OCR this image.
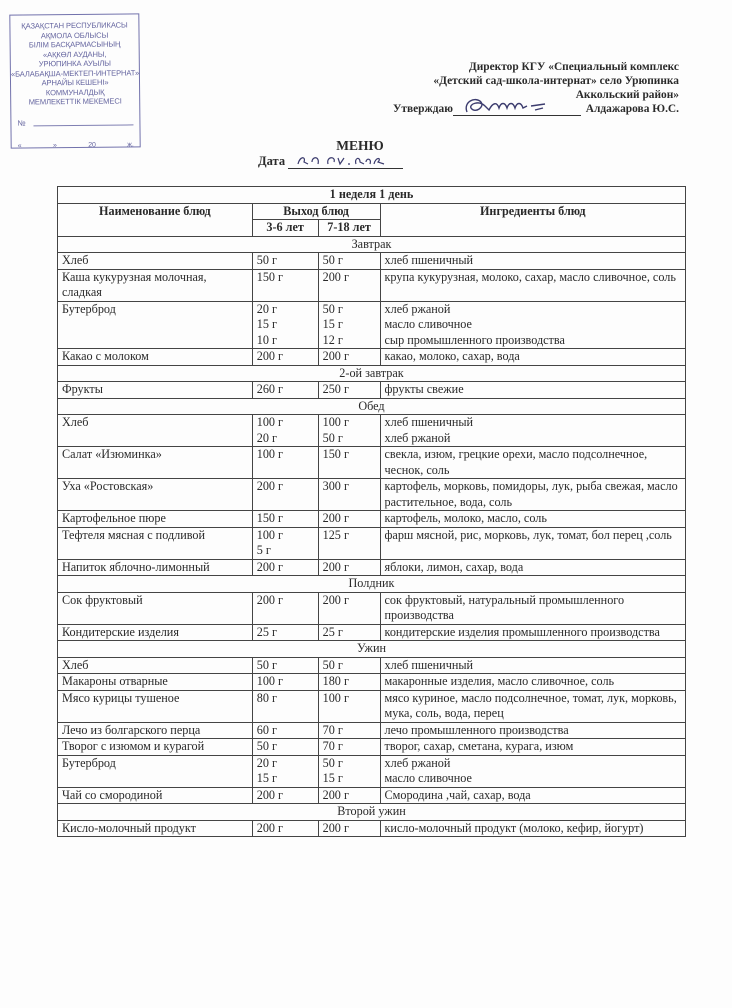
ҚАЗАҚСТАН РЕСПУБЛИКАСЫ
АҚМОЛА ОБЛЫСЫ
БІЛІМ БАСҚАРМАСЫНЫҢ
«АҚКӨЛ АУДАНЫ,
УРЮПИНКА АУЫЛЫ
«БАЛАБАҚША-МЕКТЕП-ИНТЕРНАТ»
АРНАЙЫ КЕШЕНІ»
КОММУНАЛДЫҚ
МЕМЛЕКЕТТІК МЕКЕМЕСІ
№
«	»	20	ж.
Директор КГУ «Специальный комплекс
«Детский сад-школа-интернат» село Урюпинка
Аккольский район»
Утверждаю	Алдажарова Ю.С.
МЕНЮ
Дата
1 неделя 1 день			
Наименование блюд	Выход блюд		Ингредиенты блюд
	3-6 лет	7-18 лет	
Завтрак			
Хлеб	50 г	50 г	хлеб пшеничный

Каша кукурузная молочная, сладкая	150 г	200 г	крупа кукурузная, молоко, сахар, масло сливочное, соль

Бутерброд	20 г
15 г
10 г	50 г
15 г
12 г	хлеб ржаной
масло сливочное
сыр промышленного производства

Какао с молоком	200 г	200 г	какао, молоко, сахар, вода

2-ой завтрак			
Фрукты	260 г	250 г	фрукты свежие

Обед			
Хлеб	100 г
20 г	100 г
50 г	хлеб пшеничный
хлеб ржаной

Салат «Изюминка»	100 г	150 г	свекла, изюм, грецкие орехи, масло подсолнечное, чеснок, соль

Уха «Ростовская»	200 г	300 г	картофель, морковь, помидоры, лук, рыба свежая, масло растительное, вода, соль

Картофельное пюре	150 г	200 г	картофель, молоко, масло, соль

Тефтеля мясная с подливой	100 г
5 г	125 г	фарш мясной, рис, морковь, лук, томат, бол перец ,соль

Напиток яблочно-лимонный	200 г	200 г	яблоки, лимон, сахар, вода

Полдник			
Сок фруктовый	200 г	200 г	сок фруктовый, натуральный промышленного производства

Кондитерские изделия	25 г	25 г	кондитерские изделия промышленного производства

Ужин			
Хлеб	50 г	50 г	хлеб пшеничный

Макароны отварные	100 г	180 г	макаронные изделия, масло сливочное, соль

Мясо курицы тушеное	80 г	100 г	мясо куриное, масло подсолнечное, томат, лук, морковь, мука, соль, вода, перец

Лечо из болгарского перца	60 г	70 г	лечо промышленного производства

Творог с изюмом и курагой	50 г	70 г	творог, сахар, сметана, курага, изюм

Бутерброд	20 г
15 г	50 г
15 г	хлеб ржаной
масло сливочное

Чай со смородиной	200 г	200 г	Смородина ,чай, сахар, вода

Второй ужин			
Кисло-молочный продукт	200 г	200 г	кисло-молочный продукт (молоко, кефир, йогурт)
